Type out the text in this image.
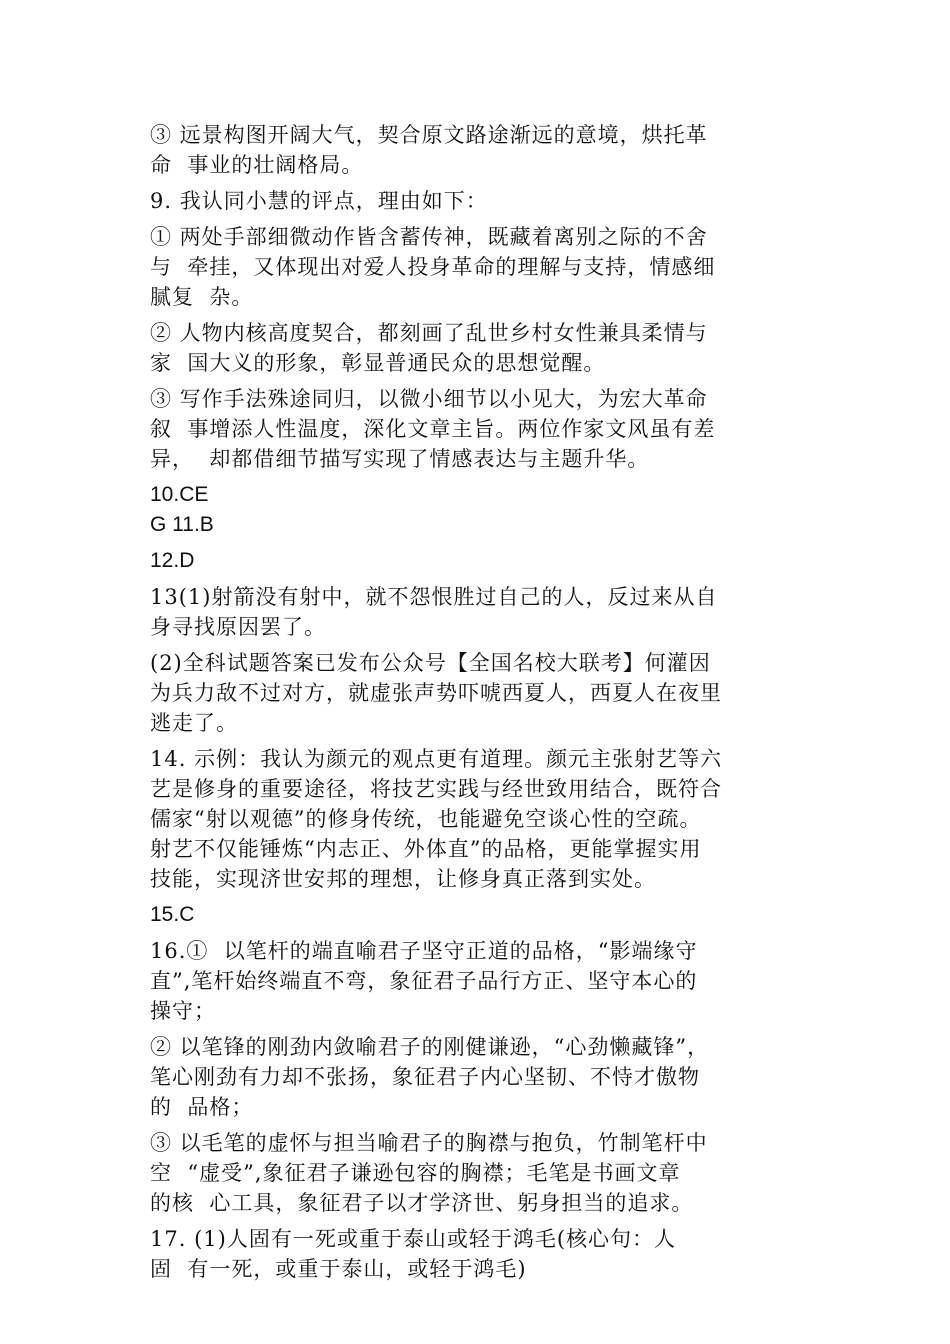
③ 远景构图开阔大气，契合原文路途渐远的意境，烘托革
命  事业的壮阔格局。
9. 我认同小慧的评点，理由如下：
① 两处手部细微动作皆含蓄传神，既藏着离别之际的不舍
与  牵挂，又体现出对爱人投身革命的理解与支持，情感细
腻复  杂。
② 人物内核高度契合，都刻画了乱世乡村女性兼具柔情与
家  国大义的形象，彰显普通民众的思想觉醒。
③ 写作手法殊途同归，以微小细节以小见大，为宏大革命
叙  事增添人性温度，深化文章主旨。两位作家文风虽有差
异，  却都借细节描写实现了情感表达与主题升华。
10.CE
G 11.B
12.D
13(1)射箭没有射中，就不怨恨胜过自己的人，反过来从自
身寻找原因罢了。
(2)全科试题答案已发布公众号【全国名校大联考】何灌因
为兵力敌不过对方，就虚张声势吓唬西夏人，西夏人在夜里
逃走了。
14. 示例：我认为颜元的观点更有道理。颜元主张射艺等六
艺是修身的重要途径，将技艺实践与经世致用结合，既符合
儒家“射以观德”的修身传统，也能避免空谈心性的空疏。
射艺不仅能锤炼“内志正、外体直”的品格，更能掌握实用
技能，实现济世安邦的理想，让修身真正落到实处。
15.C
16.①  以笔杆的端直喻君子坚守正道的品格，“影端缘守
直”,笔杆始终端直不弯，象征君子品行方正、坚守本心的
操守；
② 以笔锋的刚劲内敛喻君子的刚健谦逊，“心劲懒藏锋”，
笔心刚劲有力却不张扬，象征君子内心坚韧、不恃才傲物
的  品格；
③ 以毛笔的虚怀与担当喻君子的胸襟与抱负，竹制笔杆中
空  “虚受”,象征君子谦逊包容的胸襟；毛笔是书画文章
的核  心工具，象征君子以才学济世、躬身担当的追求。
17. (1)人固有一死或重于泰山或轻于鸿毛(核心句：人
固  有一死，或重于泰山，或轻于鸿毛)
